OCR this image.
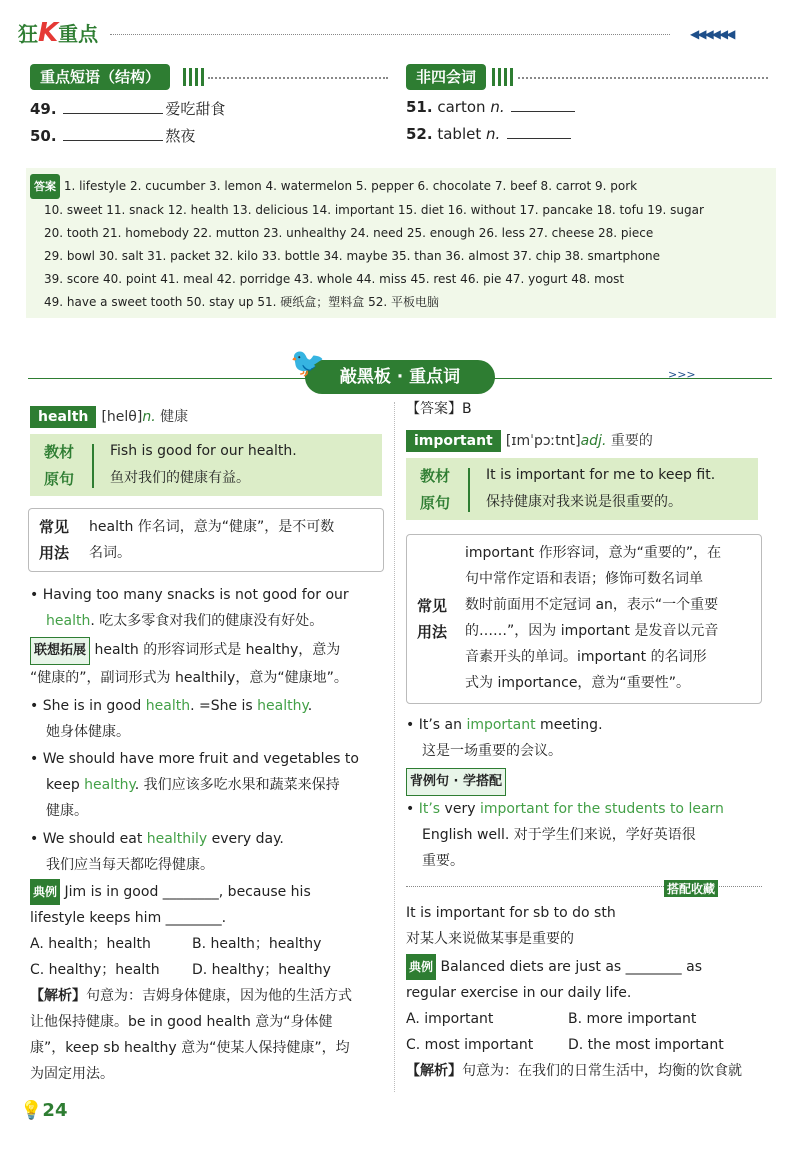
狂K重点	◀◀◀◀◀◀
重点短语（结构）
49.	爱吃甜食
50.	熬夜
非四会词
51. carton n.
52. tablet n.
答案 1. lifestyle 2. cucumber 3. lemon 4. watermelon 5. pepper 6. chocolate 7. beef 8. carrot 9. pork
10. sweet 11. snack 12. health 13. delicious 14. important 15. diet 16. without 17. pancake 18. tofu 19. sugar
20. tooth 21. homebody 22. mutton 23. unhealthy 24. need 25. enough 26. less 27. cheese 28. piece
29. bowl 30. salt 31. packet 32. kilo 33. bottle 34. maybe 35. than 36. almost 37. chip 38. smartphone
39. score 40. point 41. meal 42. porridge 43. whole 44. miss 45. rest 46. pie 47. yogurt 48. most
49. have a sweet tooth 50. stay up 51. 硬纸盒；塑料盒 52. 平板电脑
敲黑板 · 重点词
🐦	>>>
health [helθ]n. 健康
教材
原句
Fish is good for our health.
鱼对我们的健康有益。
常见
用法
health 作名词，意为“健康”，是不可数
名词。
• Having too many snacks is not good for our
health. 吃太多零食对我们的健康没有好处。
联想拓展 health 的形容词形式是 healthy，意为
“健康的”，副词形式为 healthily，意为“健康地”。
• She is in good health. =She is healthy.
她身体健康。
• We should have more fruit and vegetables to
keep healthy. 我们应该多吃水果和蔬菜来保持
健康。
• We should eat healthily every day.
我们应当每天都吃得健康。
典例 Jim is in good ________, because his
lifestyle keeps him ________.
A. health；health	B. health；healthy
C. healthy；health D. healthy；healthy
【解析】句意为：吉姆身体健康，因为他的生活方式
让他保持健康。be in good health 意为“身体健
康”，keep sb healthy 意为“使某人保持健康”，均
为固定用法。
【答案】B
important [ɪmˈpɔːtnt]adj. 重要的
教材
原句
It is important for me to keep fit.
保持健康对我来说是很重要的。
常见
用法
important 作形容词，意为“重要的”，在
句中常作定语和表语；修饰可数名词单
数时前面用不定冠词 an，表示“一个重要
的……”，因为 important 是发音以元音
音素开头的单词。important 的名词形
式为 importance，意为“重要性”。
• It’s an important meeting.
这是一场重要的会议。
背例句 · 学搭配
• It’s very important for the students to learn
English well. 对于学生们来说，学好英语很
重要。
搭配收藏
It is important for sb to do sth
对某人来说做某事是重要的
典例 Balanced diets are just as ________ as
regular exercise in our daily life.
A. important	B. more important
C. most important D. the most important
【解析】句意为：在我们的日常生活中，均衡的饮食就
💡24
